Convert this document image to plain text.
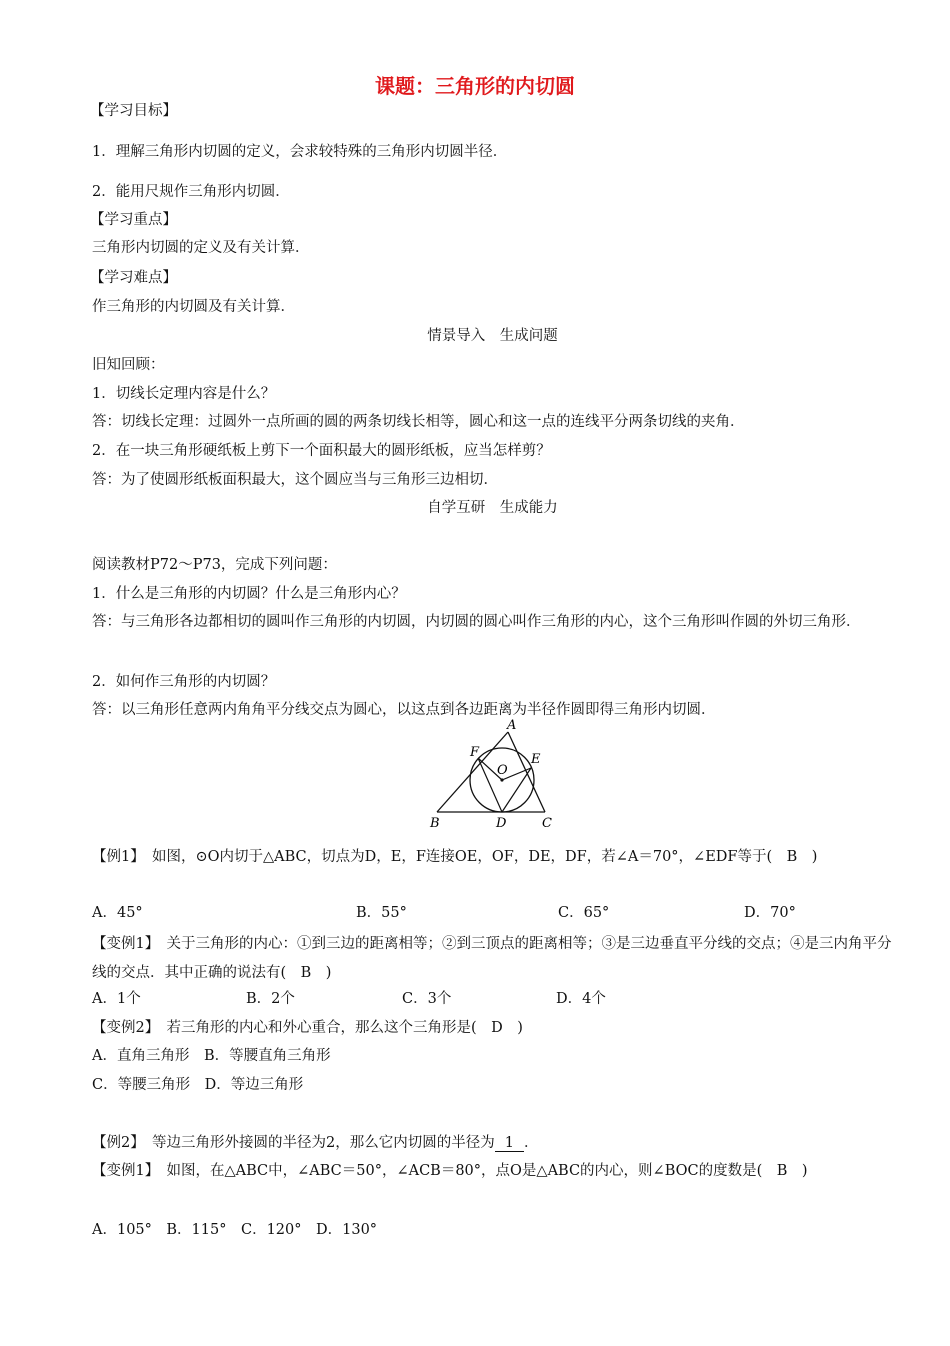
课题：三角形的内切圆
【学习目标】
1．理解三角形内切圆的定义，会求较特殊的三角形内切圆半径．
2．能用尺规作三角形内切圆．
【学习重点】
三角形内切圆的定义及有关计算．
【学习难点】
作三角形的内切圆及有关计算．
情景导入　生成问题
旧知回顾：
1．切线长定理内容是什么？
答：切线长定理：过圆外一点所画的圆的两条切线长相等，圆心和这一点的连线平分两条切线的夹角．
2．在一块三角形硬纸板上剪下一个面积最大的圆形纸板，应当怎样剪？
答：为了使圆形纸板面积最大，这个圆应当与三角形三边相切．
自学互研　生成能力
阅读教材P72～P73，完成下列问题：
1．什么是三角形的内切圆？什么是三角形内心？
答：与三角形各边都相切的圆叫作三角形的内切圆，内切圆的圆心叫作三角形的内心，这个三角形叫作圆的外切三角形．
2．如何作三角形的内切圆？
答：以三角形任意两内角角平分线交点为圆心，以这点到各边距离为半径作圆即得三角形内切圆．
A
B	C
D
E
F
O
【例1】　如图，⊙O内切于△ABC，切点为D，E，F连接OE，OF，DE，DF，若∠A＝70°，∠EDF等于(　B　)
A．45°	B．55°	C．65°	D．70°
【变例1】　关于三角形的内心：①到三边的距离相等；②到三顶点的距离相等；③是三边垂直平分线的交点；④是三内角平分线的交点．其中正确的说法有(　B　)
A．1个	B．2个	C．3个	D．4个
【变例2】　若三角形的内心和外心重合，那么这个三角形是(　D　)
A．直角三角形　B．等腰直角三角形
C．等腰三角形　D．等边三角形
【例2】　等边三角形外接圆的半径为2，那么它内切圆的半径为 1 ．
【变例1】　如图，在△ABC中，∠ABC＝50°，∠ACB＝80°，点O是△ABC的内心，则∠BOC的度数是(　B　)
A．105°　B．115°　C．120°　D．130°
